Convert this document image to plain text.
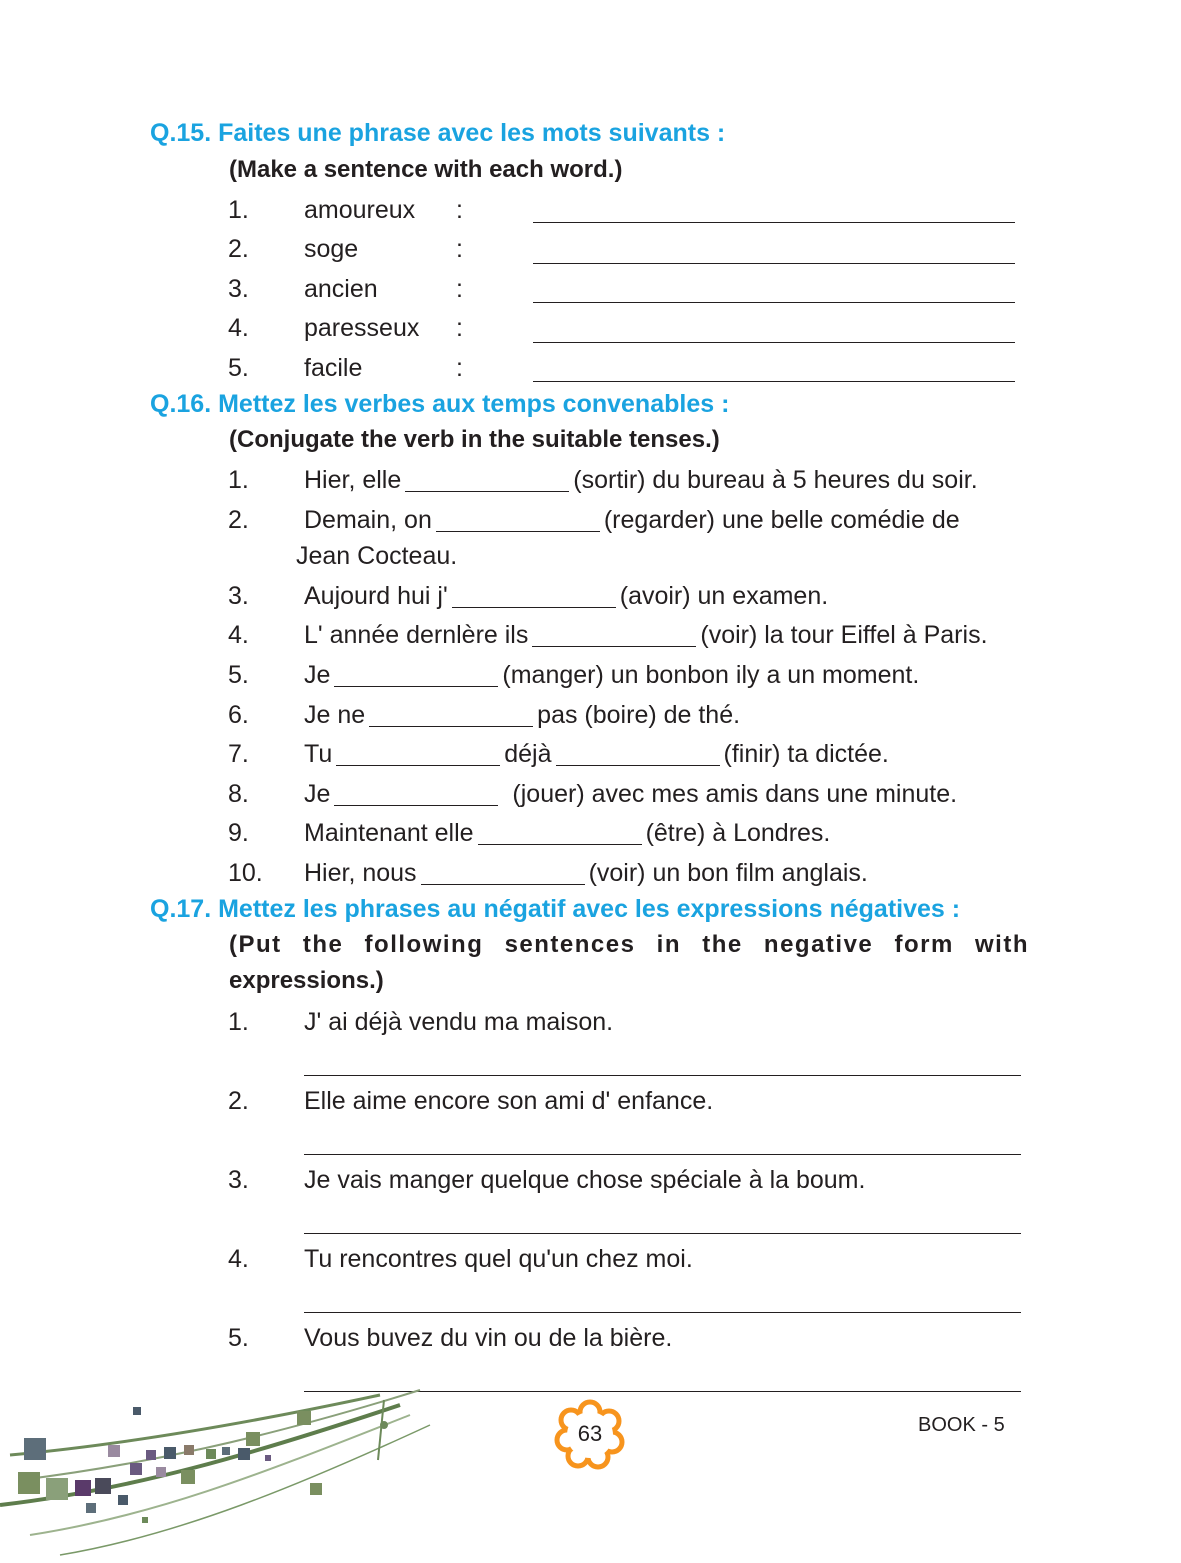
Q.15. Faites une phrase avec les mots suivants :
(Make a sentence with each word.)
1. amoureux :
2. soge	:
3. ancien	:
4. paresseux :
5. facile	:
Q.16. Mettez les verbes aux temps convenables :
(Conjugate the verb in the suitable tenses.)
1. Hier, elle	(sortir) du bureau à 5 heures du soir.
2. Demain, on	(regarder) une belle comédie de
Jean Cocteau.
3. Aujourd hui j'	(avoir) un examen.
4. L' année dernlère ils	(voir) la tour Eiffel à Paris.
5. Je	(manger) un bonbon ily a un moment.
6. Je ne	pas (boire) de thé.
7. Tu	déjà	(finir) ta dictée.
8. Je	(jouer) avec mes amis dans une minute.
9. Maintenant elle	(être) à Londres.
10. Hier, nous	(voir) un bon film anglais.
Q.17. Mettez les phrases au négatif avec les expressions négatives :
(Put the following sentences in the negative form with
expressions.)
1. J' ai déjà vendu ma maison.
2. Elle aime encore son ami d' enfance.
3. Je vais manger quelque chose spéciale à la boum.
4. Tu rencontres quel qu'un chez moi.
5. Vous buvez du vin ou de la bière.
63	BOOK - 5
